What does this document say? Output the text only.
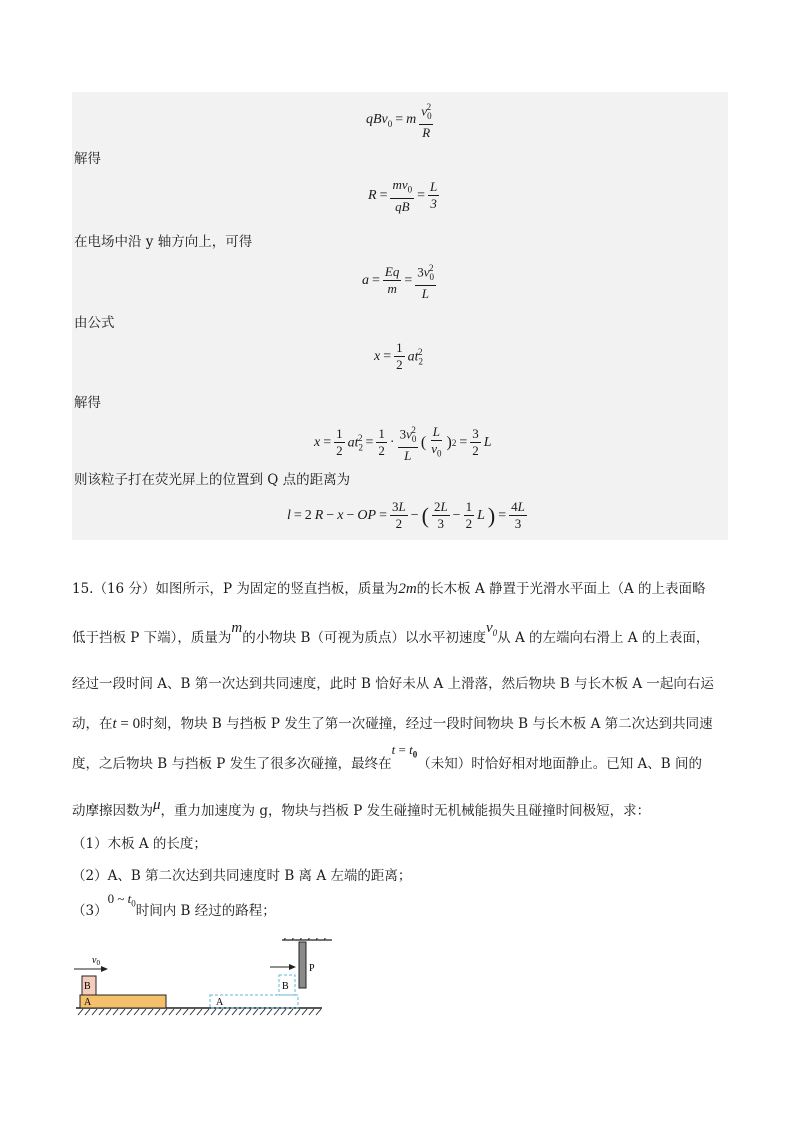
qBv$_0$ = m $\frac{v_0^2}{R}$
解得
$R = \frac{mv_0}{qB} = \frac{L}{3}$
在电场中沿 y 轴方向上，可得
$a = \frac{Eq}{m} = \frac{3v_0^2}{L}$
由公式
$x = \frac{1}{2} at_2^2$
解得
$x = \frac{1}{2} at_2^2 = \frac{1}{2} \cdot \frac{3v_0^2}{L}$ ( $\frac{L}{v_0}$ ) $2 = \frac{3}{2}$ L
则该粒子打在荧光屏上的位置到 Q 点的距离为
l = 2 R − x − OP = $\frac{3L}{2}$ − ( $\frac{2L}{3} - \frac{1}{2}$ L ) = $\frac{4L}{3}$
15.（16 分）如图所示，P 为固定的竖直挡板，质量为2m的长木板 A 静置于光滑水平面上（A 的上表面略
低于挡板 P 下端），质量为m的小物块 B（可视为质点）以水平初速度$v_0$从 A 的左端向右滑上 A 的上表面，
经过一段时间 A、B 第一次达到共同速度，此时 B 恰好未从 A 上滑落，然后物块 B 与长木板 A 一起向右运
动，在t = 0时刻，物块 B 与挡板 P 发生了第一次碰撞，经过一段时间物块 B 与长木板 A 第二次达到共同速
度，之后物块 B 与挡板 P 发生了很多次碰撞，最终在$t = t_0$（未知）时恰好相对地面静止。已知 A、B 间的
动摩擦因数为μ，重力加速度为 g，物块与挡板 P 发生碰撞时无机械能损失且碰撞时间极短，求：
（1）木板 A 的长度；
（2）A、B 第二次达到共同速度时 B 离 A 左端的距离；
（3）0 ~ $t_0$时间内 B 经过的路程；
P
A
B
$v_0$
A
B
